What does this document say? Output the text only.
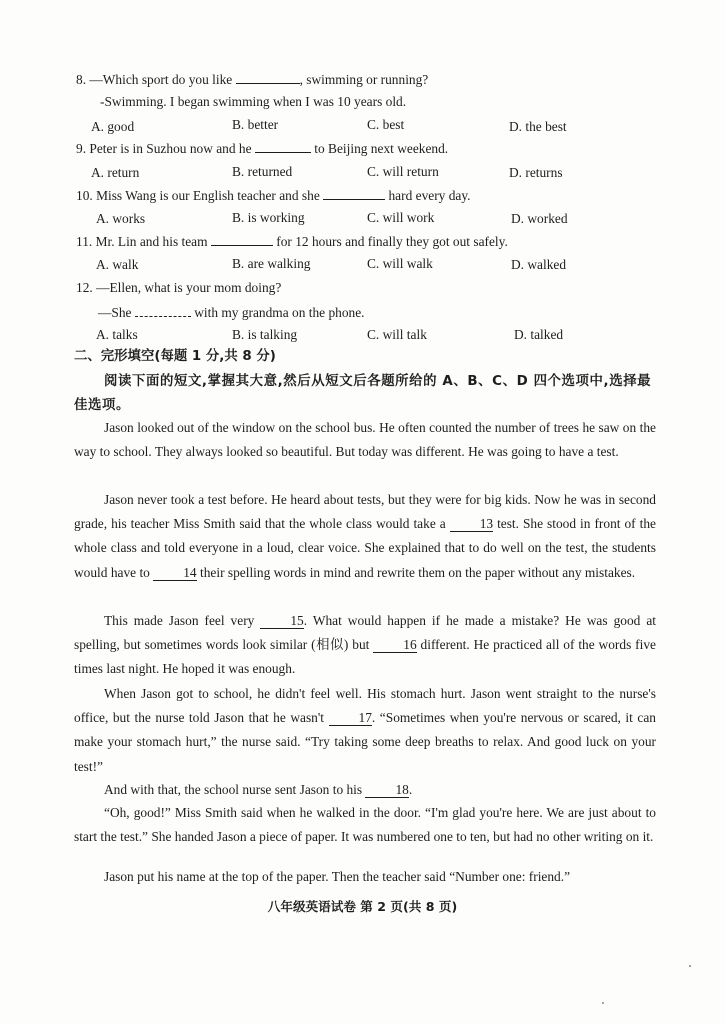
8. —Which sport do you like	, swimming or running?
-Swimming. I began swimming when I was 10 years old.
A. good	B. better	C. best	D. the best
9. Peter is in Suzhou now and he	to Beijing next weekend.
A. return	B. returned	C. will return	D. returns
10. Miss Wang is our English teacher and she	hard every day.
A. works	B. is working	C. will work	D. worked
11. Mr. Lin and his team	for 12 hours and finally they got out safely.
A. walk	B. are walking	C. will walk	D. walked
12. —Ellen, what is your mom doing?
—She	with my grandma on the phone.
A. talks	B. is talking	C. will talk	D. talked
二、完形填空(每题 1 分,共 8 分)
阅读下面的短文,掌握其大意,然后从短文后各题所给的 A、B、C、D 四个选项中,选择最佳选项。
Jason looked out of the window on the school bus. He often counted the number of trees he saw on the way to school. They always looked so beautiful. But today was different. He was going to have a test.
Jason never took a test before. He heard about tests, but they were for big kids. Now he was in second grade, his teacher Miss Smith said that the whole class would take a	13 test. She stood in front of the whole class and told everyone in a loud, clear voice. She explained that to do well on the test, the students would have to 14 their spelling words in mind and rewrite them on the paper without any mistakes.
This made Jason feel very	15. What would happen if he made a mistake? He was good at spelling, but sometimes words look similar (相似) but	16 different. He practiced all of the words five times last night. He hoped it was enough.
When Jason got to school, he didn't feel well. His stomach hurt. Jason went straight to the nurse's office, but the nurse told Jason that he wasn't	17. “Sometimes when you're nervous or scared, it can make your stomach hurt,” the nurse said. “Try taking some deep breaths to relax. And good luck on your test!”
And with that, the school nurse sent Jason to his 18.
“Oh, good!” Miss Smith said when he walked in the door. “I'm glad you're here. We are just about to start the test.” She handed Jason a piece of paper. It was numbered one to ten, but had no other writing on it.
Jason put his name at the top of the paper. Then the teacher said “Number one: friend.”
八年级英语试卷 第 2 页(共 8 页)
